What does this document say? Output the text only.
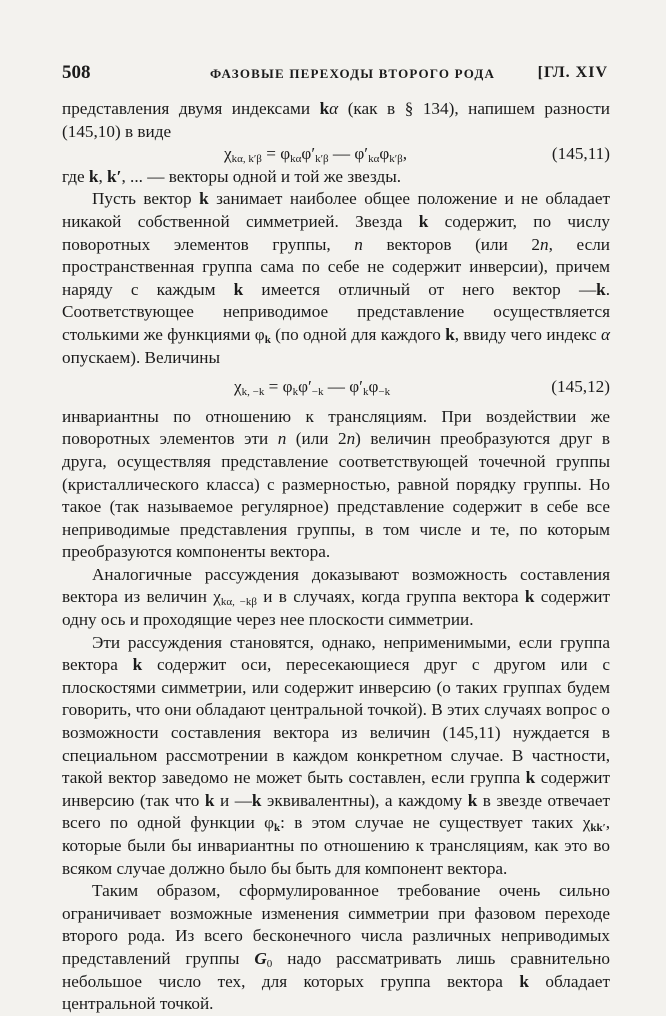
508	ФАЗОВЫЕ ПЕРЕХОДЫ ВТОРОГО РОДА	[ГЛ. XIV

представления двумя индексами kα (как в § 134), напишем разности (145,10) в виде

$\chi_{k\alpha, k'\beta} = \varphi_{k\alpha}\varphi'_{k'\beta}$ — $\varphi'_{k\alpha}\varphi_{k'\beta}$,	(145,11)

где k, k′, ... — векторы одной и той же звезды.

Пусть вектор k занимает наиболее общее положение и не обладает никакой собственной симметрией. Звезда k содержит, по числу поворотных элементов группы, n векторов (или 2n, если пространственная группа сама по себе не содержит инверсии), причем наряду с каждым k имеется отличный от него вектор —k. Соответствующее неприводимое представление осуществляется столькими же функциями $\varphi_k$ (по одной для каждого k, ввиду чего индекс α опускаем). Величины

$\chi_{k, -k} = \varphi_k\varphi'_{-k}$ — $\varphi'_k\varphi_{-k}$	(145,12)

инвариантны по отношению к трансляциям. При воздействии же поворотных элементов эти n (или 2n) величин преобразуются друг в друга, осуществляя представление соответствующей точечной группы (кристаллического класса) с размерностью, равной порядку группы. Но такое (так называемое регулярное) представление содержит в себе все неприводимые представления группы, в том числе и те, по которым преобразуются компоненты вектора.

Аналогичные рассуждения доказывают возможность составления вектора из величин $\chi_{k\alpha, -k\beta}$ и в случаях, когда группа вектора k содержит одну ось и проходящие через нее плоскости симметрии.

Эти рассуждения становятся, однако, неприменимыми, если группа вектора k содержит оси, пересекающиеся друг с другом или с плоскостями симметрии, или содержит инверсию (о таких группах будем говорить, что они обладают центральной точкой). В этих случаях вопрос о возможности составления вектора из величин (145,11) нуждается в специальном рассмотрении в каждом конкретном случае. В частности, такой вектор заведомо не может быть составлен, если группа k содержит инверсию (так что k и —k эквивалентны), а каждому k в звезде отвечает всего по одной функции $\varphi_k$: в этом случае не существует таких $\chi_{kk'}$, которые были бы инвариантны по отношению к трансляциям, как это во всяком случае должно было бы быть для компонент вектора.

Таким образом, сформулированное требование очень сильно ограничивает возможные изменения симметрии при фазовом переходе второго рода. Из всего бесконечного числа различных неприводимых представлений группы $G_0$ надо рассматривать лишь сравнительно небольшое число тех, для которых группа вектора k обладает центральной точкой.
